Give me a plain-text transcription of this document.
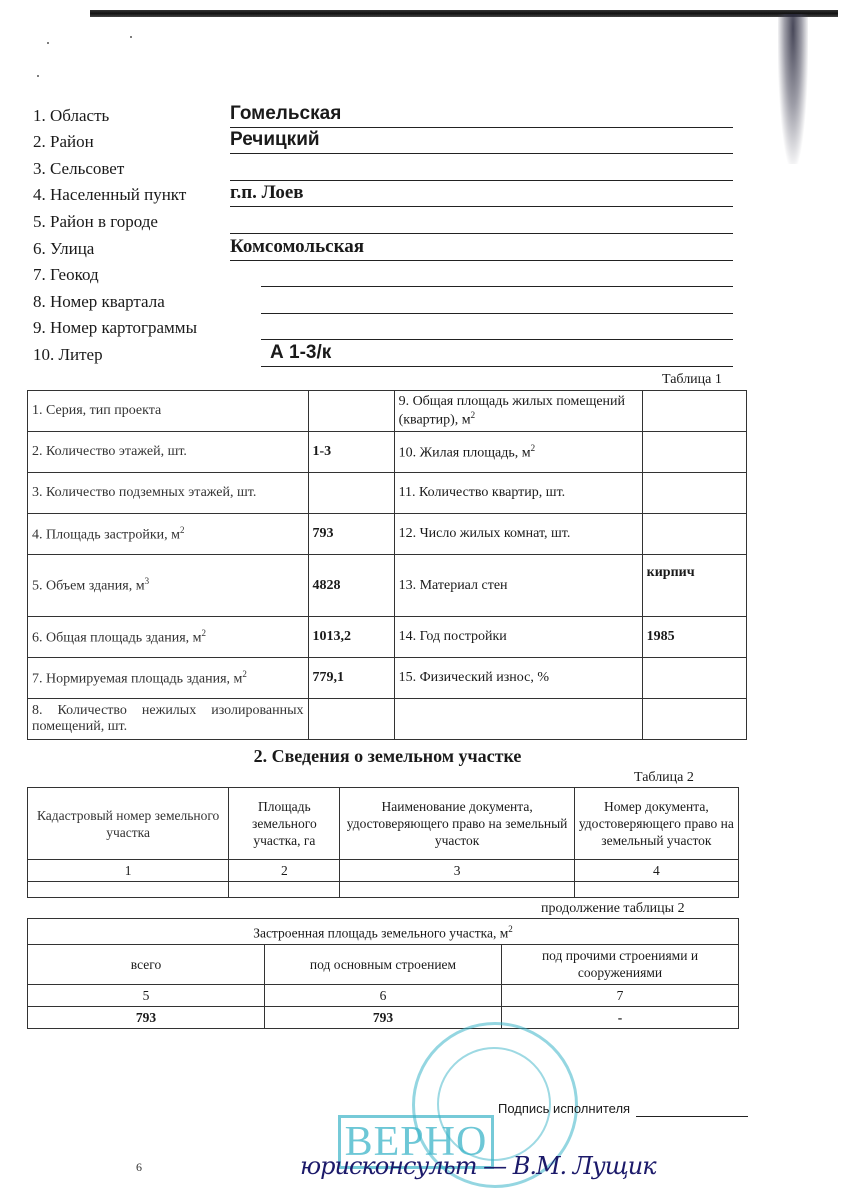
1. Область	Гомельская
2. Район	Речицкий
3. Сельсовет
4. Населенный пункт г.п. Лоев
5. Район в городе
6. Улица	Комсомольская
7. Геокод
8. Номер квартала
9. Номер картограммы
10. Литер	А 1-3/к
Таблица 1
1. Серия, тип проекта		9. Общая площадь жилых помещений (квартир), $м^2$	
2. Количество этажей, шт.	1-3	10. Жилая площадь, $м^2$	
3. Количество подземных этажей, шт.		11. Количество квартир, шт.	
4. Площадь застройки, $м^2$	793	12. Число жилых комнат, шт.	
5. Объем здания, $м^3$	4828	13. Материал стен	кирпич
6. Общая площадь здания, $м^2$	1013,2	14. Год постройки	1985
7. Нормируемая площадь здания, $м^2$	779,1	15. Физический износ, %	
8. Количество нежилых изолированных помещений, шт.			
2. Сведения о земельном участке
Таблица 2
Кадастровый номер земельного участка	Площадь земельного участка, га	Наименование документа, удостоверяющего право на земельный участок	Номер документа, удостоверяющего право на земельный участок
1	2	3	4

продолжение таблицы 2
Застроенная площадь земельного участка, $м^2$
всего	под основным строением	под прочими строениями и сооружениями
5	6	7
793	793	-
ВЕРНО
Подпись исполнителя
юрисконсульт — В.М. Лущик
6
